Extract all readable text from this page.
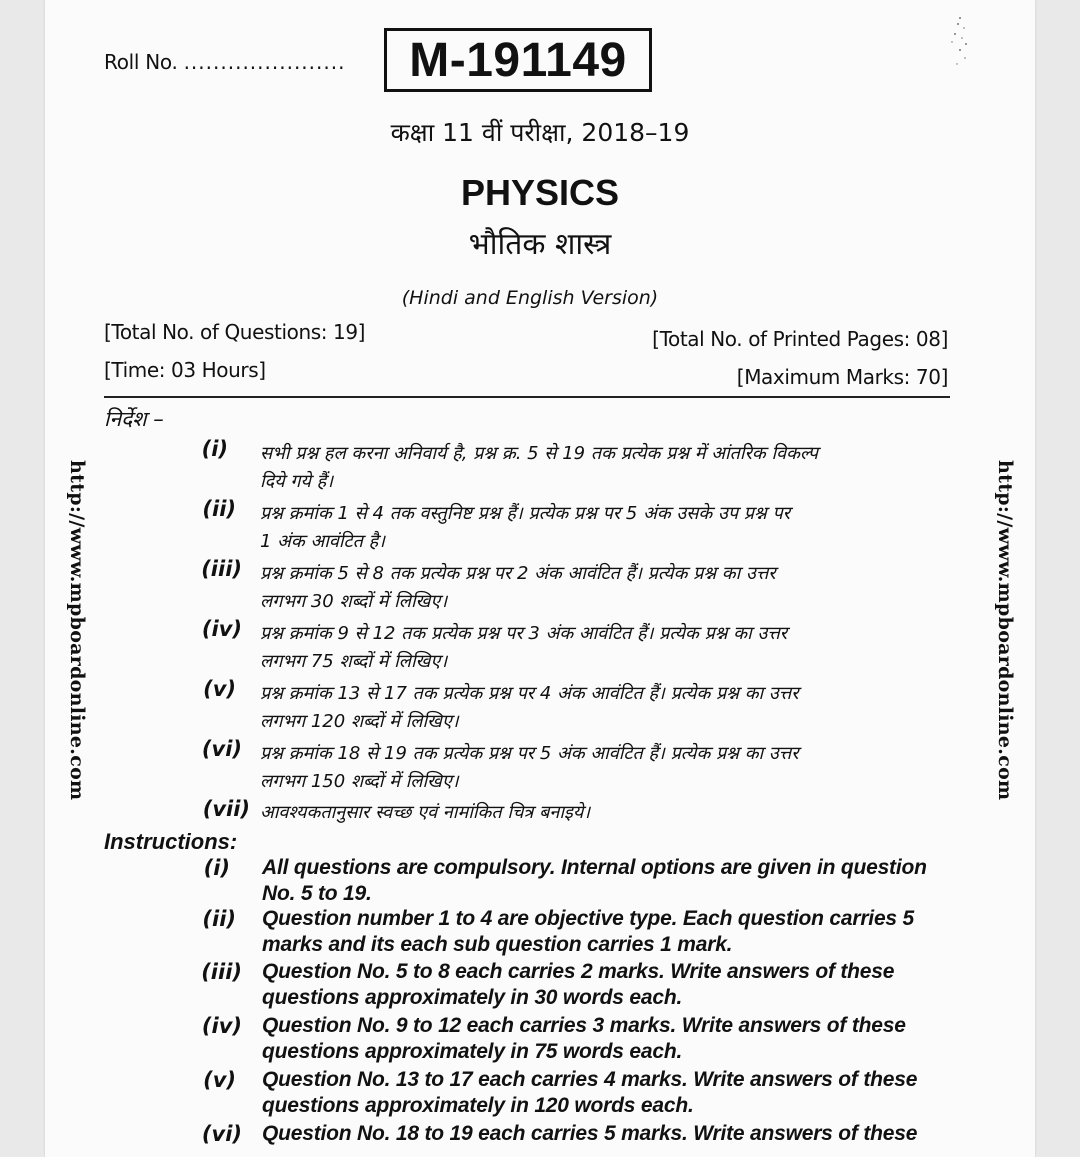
Roll No. ...................... M-191149
कक्षा 11 वीं परीक्षा, 2018–19
PHYSICS
भौतिक शास्त्र
(Hindi and English Version)
[Total No. of Questions: 19]	[Total No. of Printed Pages: 08]
[Time: 03 Hours]	[Maximum Marks: 70]
http://www.mpboardonline.com	http://www.mpboardonline.com
निर्देश –
(i) सभी प्रश्न हल करना अनिवार्य है, प्रश्न क्र. 5 से 19 तक प्रत्येक प्रश्न में आंतरिक विकल्प
दिये गये हैं।
(ii) प्रश्न क्रमांक 1 से 4 तक वस्तुनिष्ट प्रश्न हैं। प्रत्येक प्रश्न पर 5 अंक उसके उप प्रश्न पर
1 अंक आवंटित है।
(iii) प्रश्न क्रमांक 5 से 8 तक प्रत्येक प्रश्न पर 2 अंक आवंटित हैं। प्रत्येक प्रश्न का उत्तर
लगभग 30 शब्दों में लिखिए।
(iv) प्रश्न क्रमांक 9 से 12 तक प्रत्येक प्रश्न पर 3 अंक आवंटित हैं। प्रत्येक प्रश्न का उत्तर
लगभग 75 शब्दों में लिखिए।
(v) प्रश्न क्रमांक 13 से 17 तक प्रत्येक प्रश्न पर 4 अंक आवंटित हैं। प्रत्येक प्रश्न का उत्तर
लगभग 120 शब्दों में लिखिए।
(vi) प्रश्न क्रमांक 18 से 19 तक प्रत्येक प्रश्न पर 5 अंक आवंटित हैं। प्रत्येक प्रश्न का उत्तर
लगभग 150 शब्दों में लिखिए।
(vii) आवश्यकतानुसार स्वच्छ एवं नामांकित चित्र बनाइये।
Instructions:
(i) All questions are compulsory. Internal options are given in question
No. 5 to 19.
(ii) Question number 1 to 4 are objective type. Each question carries 5
marks and its each sub question carries 1 mark.
(iii) Question No. 5 to 8 each carries 2 marks. Write answers of these
questions approximately in 30 words each.
(iv) Question No. 9 to 12 each carries 3 marks. Write answers of these
questions approximately in 75 words each.
(v) Question No. 13 to 17 each carries 4 marks. Write answers of these
questions approximately in 120 words each.
(vi) Question No. 18 to 19 each carries 5 marks. Write answers of these
